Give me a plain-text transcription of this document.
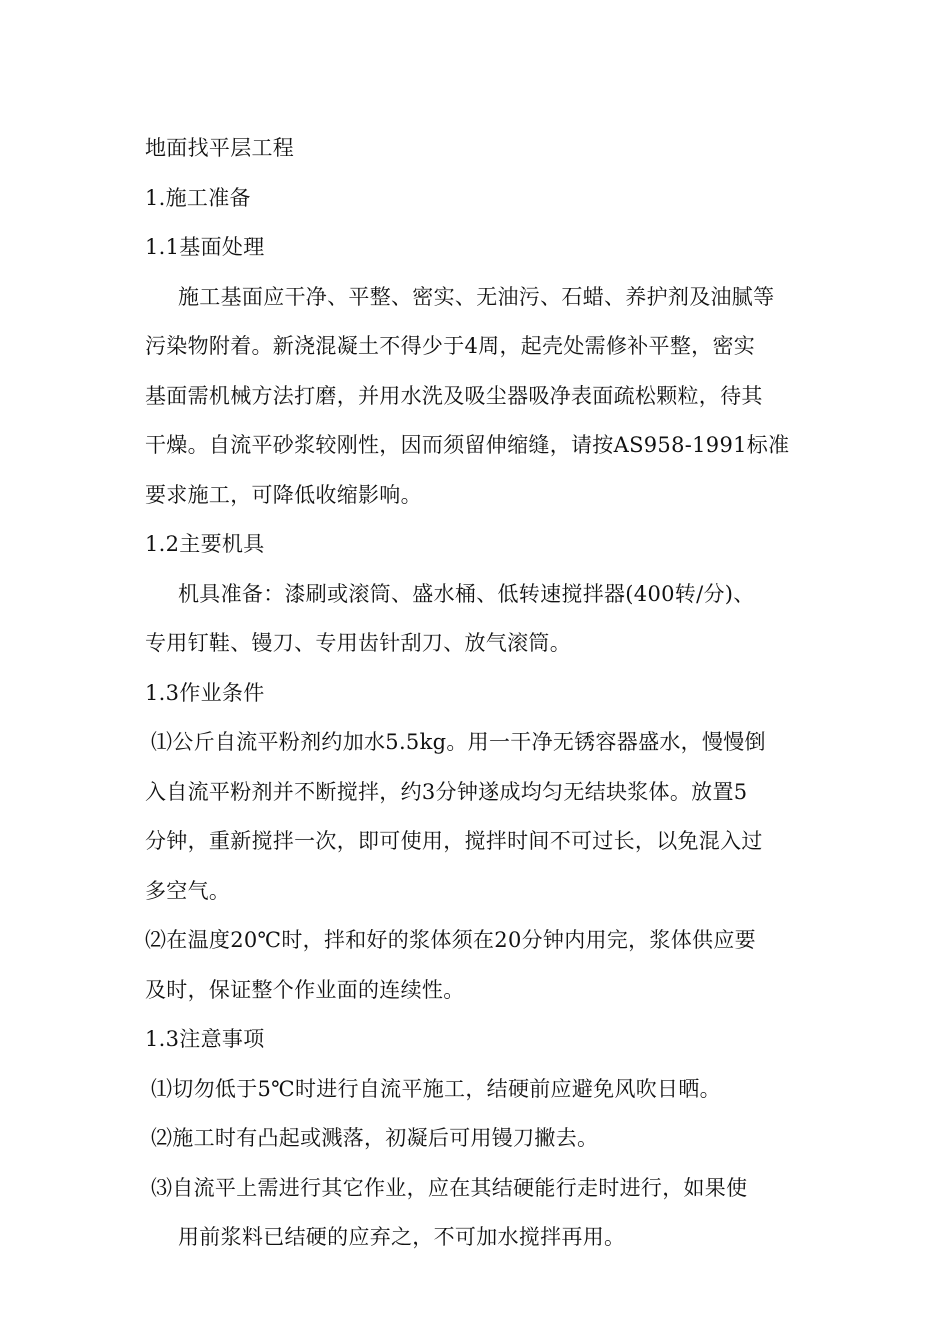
地面找平层工程
1.施工准备
1.1基面处理
施工基面应干净、平整、密实、无油污、石蜡、养护剂及油腻等
污染物附着。新浇混凝土不得少于4周，起壳处需修补平整，密实
基面需机械方法打磨，并用水洗及吸尘器吸净表面疏松颗粒，待其
干燥。自流平砂浆较刚性，因而须留伸缩缝，请按AS958-1991标准
要求施工，可降低收缩影响。
1.2主要机具
机具准备：漆刷或滚筒、盛水桶、低转速搅拌器(400转/分)、
专用钉鞋、镘刀、专用齿针刮刀、放气滚筒。
1.3作业条件
⑴公斤自流平粉剂约加水5.5kg。用一干净无锈容器盛水，慢慢倒
入自流平粉剂并不断搅拌，约3分钟遂成均匀无结块浆体。放置5
分钟，重新搅拌一次，即可使用，搅拌时间不可过长，以免混入过
多空气。
⑵在温度20℃时，拌和好的浆体须在20分钟内用完，浆体供应要
及时，保证整个作业面的连续性。
1.3注意事项
⑴切勿低于5℃时进行自流平施工，结硬前应避免风吹日晒。
⑵施工时有凸起或溅落，初凝后可用镘刀撇去。
⑶自流平上需进行其它作业，应在其结硬能行走时进行，如果使
用前浆料已结硬的应弃之，不可加水搅拌再用。
